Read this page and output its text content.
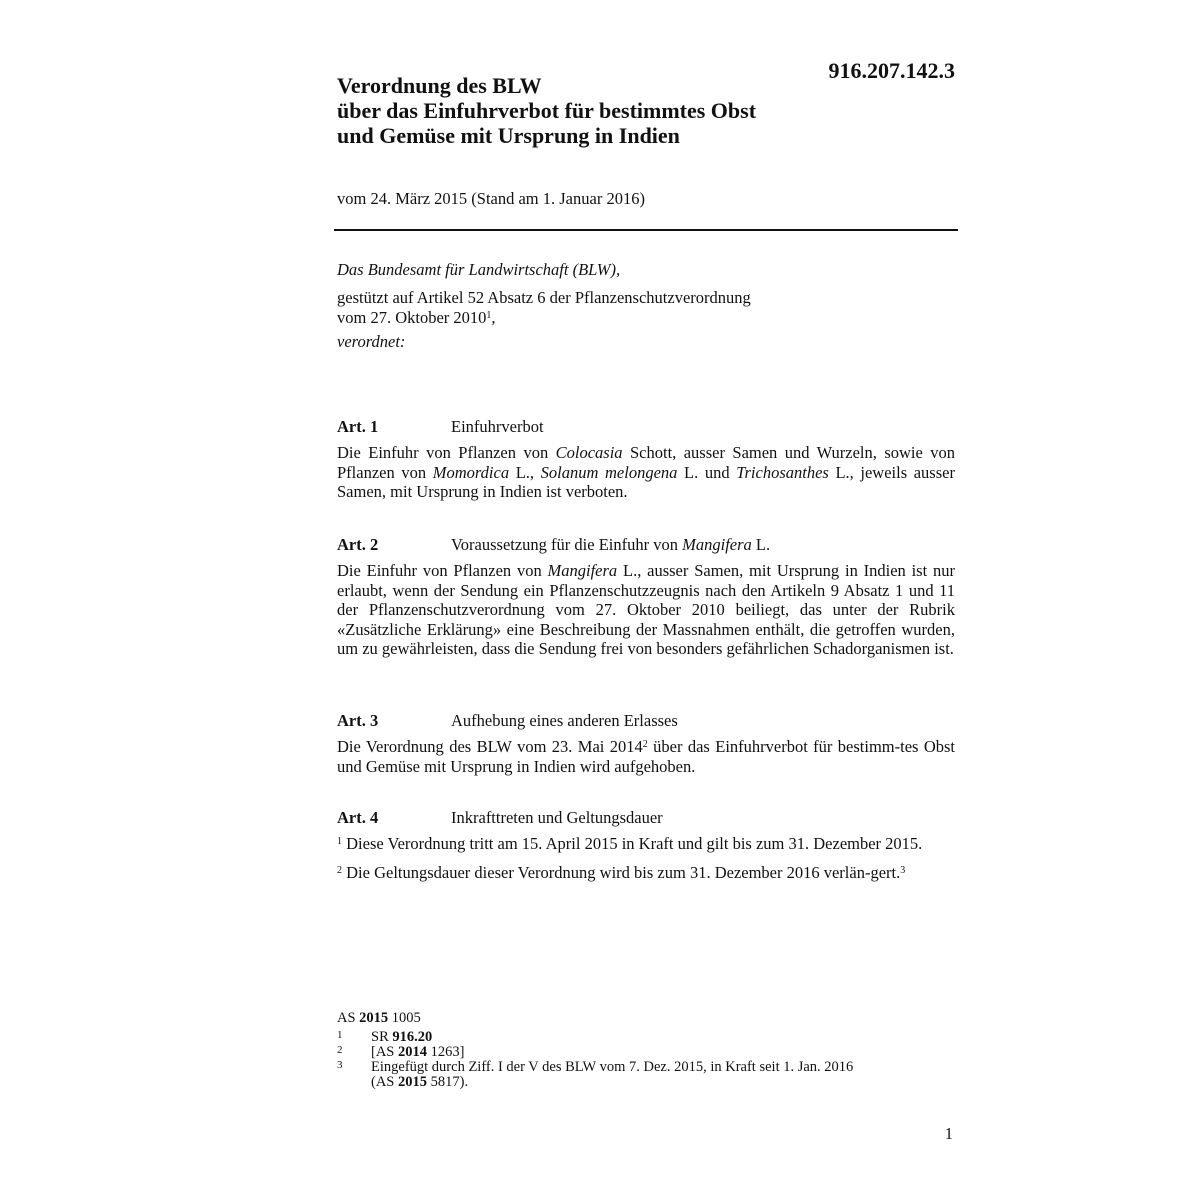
916.207.142.3
Verordnung des BLW
über das Einfuhrverbot für bestimmtes Obst
und Gemüse mit Ursprung in Indien
vom 24. März 2015 (Stand am 1. Januar 2016)
Das Bundesamt für Landwirtschaft (BLW),
gestützt auf Artikel 52 Absatz 6 der Pflanzenschutzverordnung
vom 27. Oktober 2010$^1$,
verordnet:
Art. 1	Einfuhrverbot

Die Einfuhr von Pflanzen von Colocasia Schott, ausser Samen und Wurzeln, sowie von Pflanzen von Momordica L., Solanum melongena L. und Trichosanthes L., jeweils ausser Samen, mit Ursprung in Indien ist verboten.

Art. 2	Voraussetzung für die Einfuhr von Mangifera L.

Die Einfuhr von Pflanzen von Mangifera L., ausser Samen, mit Ursprung in Indien ist nur erlaubt, wenn der Sendung ein Pflanzenschutzzeugnis nach den Artikeln 9 Absatz 1 und 11 der Pflanzenschutzverordnung vom 27. Oktober 2010 beiliegt, das unter der Rubrik «Zusätzliche Erklärung» eine Beschreibung der Massnahmen enthält, die getroffen wurden, um zu gewährleisten, dass die Sendung frei von besonders gefährlichen Schadorganismen ist.

Art. 3	Aufhebung eines anderen Erlasses

Die Verordnung des BLW vom 23. Mai 2014$^2$ über das Einfuhrverbot für bestimm-tes Obst und Gemüse mit Ursprung in Indien wird aufgehoben.

Art. 4	Inkrafttreten und Geltungsdauer

$^1$ Diese Verordnung tritt am 15. April 2015 in Kraft und gilt bis zum 31. Dezember 2015.

$^2$ Die Geltungsdauer dieser Verordnung wird bis zum 31. Dezember 2016 verlän-gert.$^3$

AS 2015 1005
1 SR 916.20
2 [AS 2014 1263]
3 Eingefügt durch Ziff. I der V des BLW vom 7. Dez. 2015, in Kraft seit 1. Jan. 2016
(AS 2015 5817).
1
